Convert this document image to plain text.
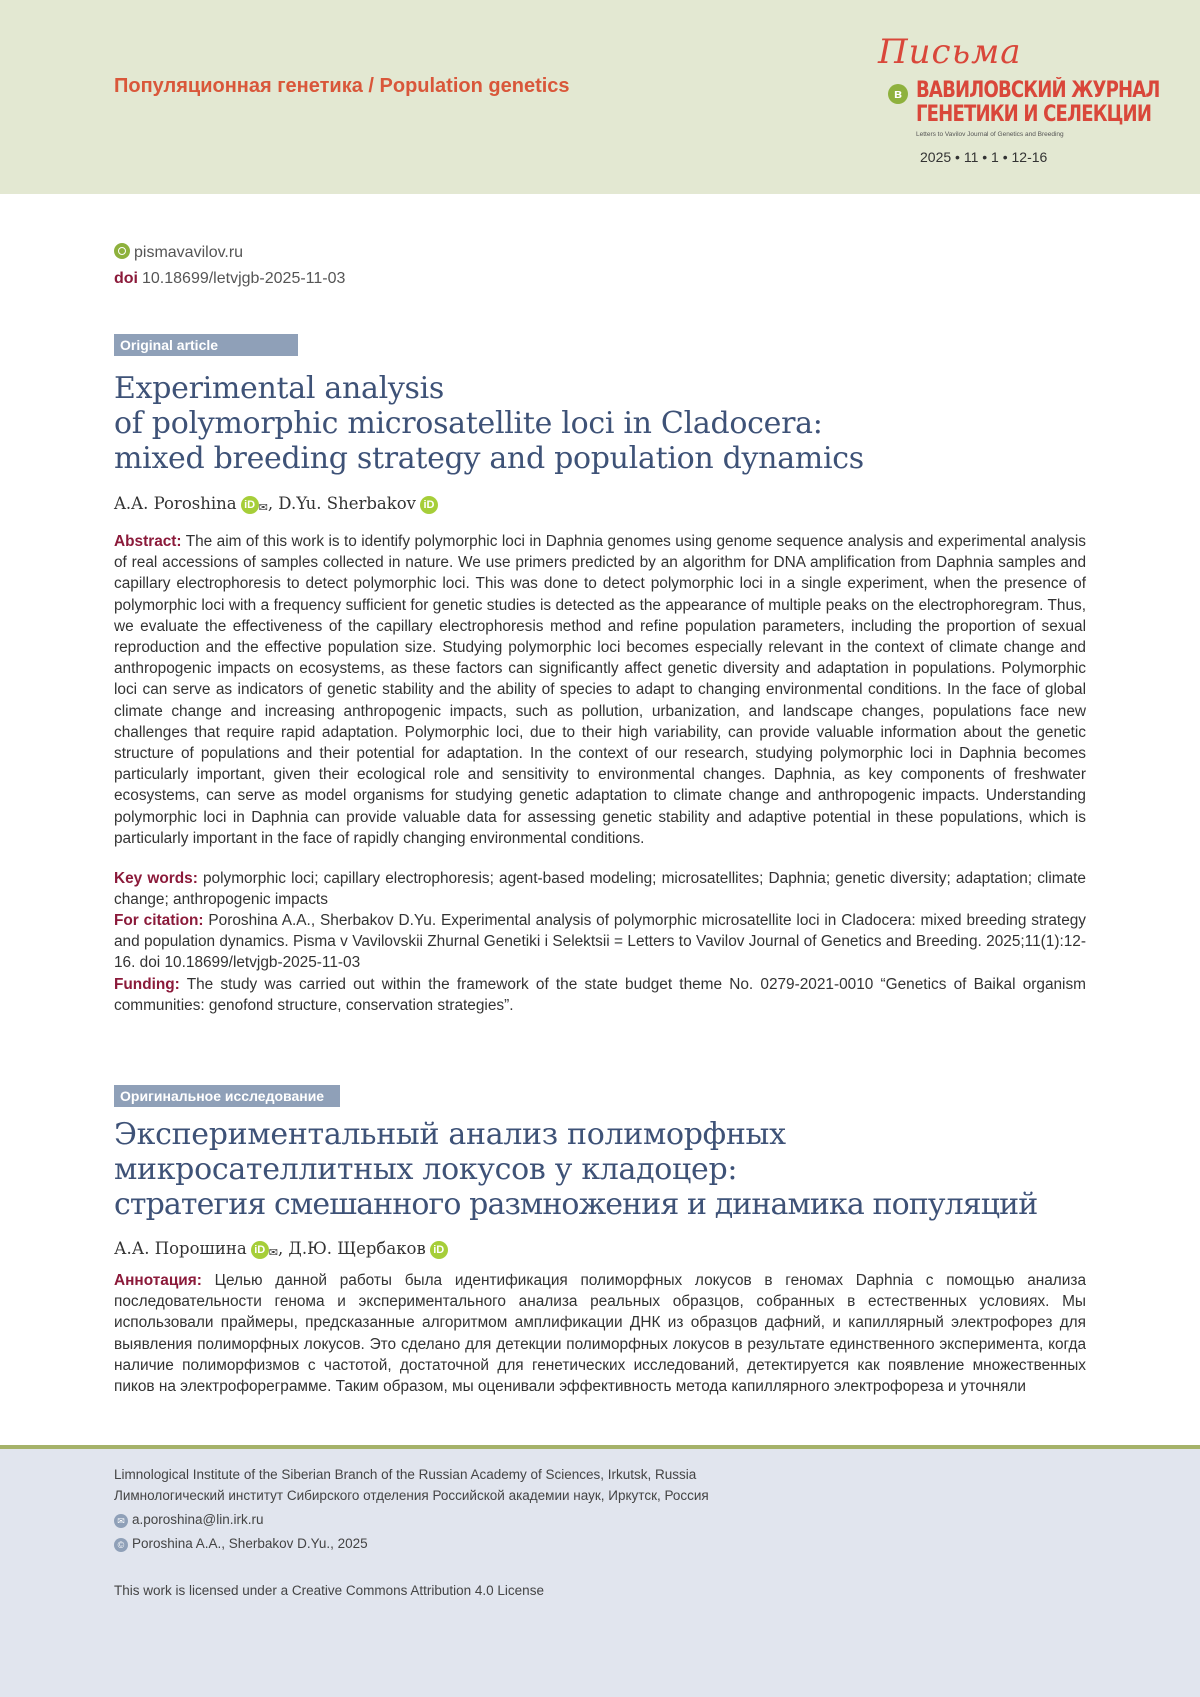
Популяционная генетика / Population genetics
Письма
в ВАВИЛОВСКИЙ ЖУРНАЛ
ГЕНЕТИКИ И СЕЛЕКЦИИ
Letters to Vavilov Journal of Genetics and Breeding
2025 • 11 • 1 • 12-16
pismavavilov.ru
doi 10.18699/letvjgb-2025-11-03
Original article
Experimental analysis
of polymorphic microsatellite loci in Cladocera:
mixed breeding strategy and population dynamics
A.A. Poroshina iD ✉, D.Yu. Sherbakov iD
Abstract: The aim of this work is to identify polymorphic loci in Daphnia genomes using genome sequence analysis and experimental analysis of real accessions of samples collected in nature. We use primers predicted by an algorithm for DNA amplification from Daphnia samples and capillary electrophoresis to detect polymorphic loci. This was done to detect polymorphic loci in a single experiment, when the presence of polymorphic loci with a frequency sufficient for genetic studies is detected as the appearance of multiple peaks on the electrophoregram. Thus, we evaluate the effectiveness of the capillary electrophoresis method and refine population parameters, including the proportion of sexual reproduction and the effective population size. Studying polymorphic loci becomes especially relevant in the context of climate change and anthropogenic impacts on ecosystems, as these factors can significantly affect genetic diversity and adaptation in populations. Polymorphic loci can serve as indicators of genetic stability and the ability of species to adapt to changing environmental conditions. In the face of global climate change and increasing anthropogenic impacts, such as pollution, urbanization, and landscape changes, populations face new challenges that require rapid adaptation. Polymorphic loci, due to their high variability, can provide valuable information about the genetic structure of populations and their potential for adaptation. In the context of our research, studying polymorphic loci in Daphnia becomes particularly important, given their ecological role and sensitivity to environmental changes. Daphnia, as key components of freshwater ecosystems, can serve as model organisms for studying genetic adaptation to climate change and anthropogenic impacts. Understanding polymorphic loci in Daphnia can provide valuable data for assessing genetic stability and adaptive potential in these populations, which is particularly important in the face of rapidly changing environmental conditions.
Key words: polymorphic loci; capillary electrophoresis; agent-based modeling; microsatellites; Daphnia; genetic diversity; adaptation; climate change; anthropogenic impacts
For citation: Poroshina A.A., Sherbakov D.Yu. Experimental analysis of polymorphic microsatellite loci in Cladocera: mixed breeding strategy and population dynamics. Pisma v Vavilovskii Zhurnal Genetiki i Selektsii = Letters to Vavilov Journal of Genetics and Breeding. 2025;11(1):12-16. doi 10.18699/letvjgb-2025-11-03
Funding: The study was carried out within the framework of the state budget theme No. 0279-2021-0010 “Genetics of Baikal organism communities: genofond structure, conservation strategies”.
Оригинальное исследование
Экспериментальный анализ полиморфных
микросателлитных локусов у кладоцер:
стратегия смешанного размножения и динамика популяций
А.А. Порошина iD ✉, Д.Ю. Щербаков iD
Аннотация: Целью данной работы была идентификация полиморфных локусов в геномах Daphnia с помощью анализа последовательности генома и экспериментального анализа реальных образцов, собранных в естественных условиях. Мы использовали праймеры, предсказанные алгоритмом амплификации ДНК из образцов дафний, и капиллярный электрофорез для выявления полиморфных локусов. Это сделано для детекции полиморфных локусов в результате единственного эксперимента, когда наличие полиморфизмов с частотой, достаточной для генетических исследований, детектируется как появление множественных пиков на электрофореграмме. Таким образом, мы оценивали эффективность метода капиллярного электрофореза и уточняли
Limnological Institute of the Siberian Branch of the Russian Academy of Sciences, Irkutsk, Russia
Лимнологический институт Сибирского отделения Российской академии наук, Иркутск, Россия
✉ a.poroshina@lin.irk.ru
© Poroshina A.A., Sherbakov D.Yu., 2025
This work is licensed under a Creative Commons Attribution 4.0 License
